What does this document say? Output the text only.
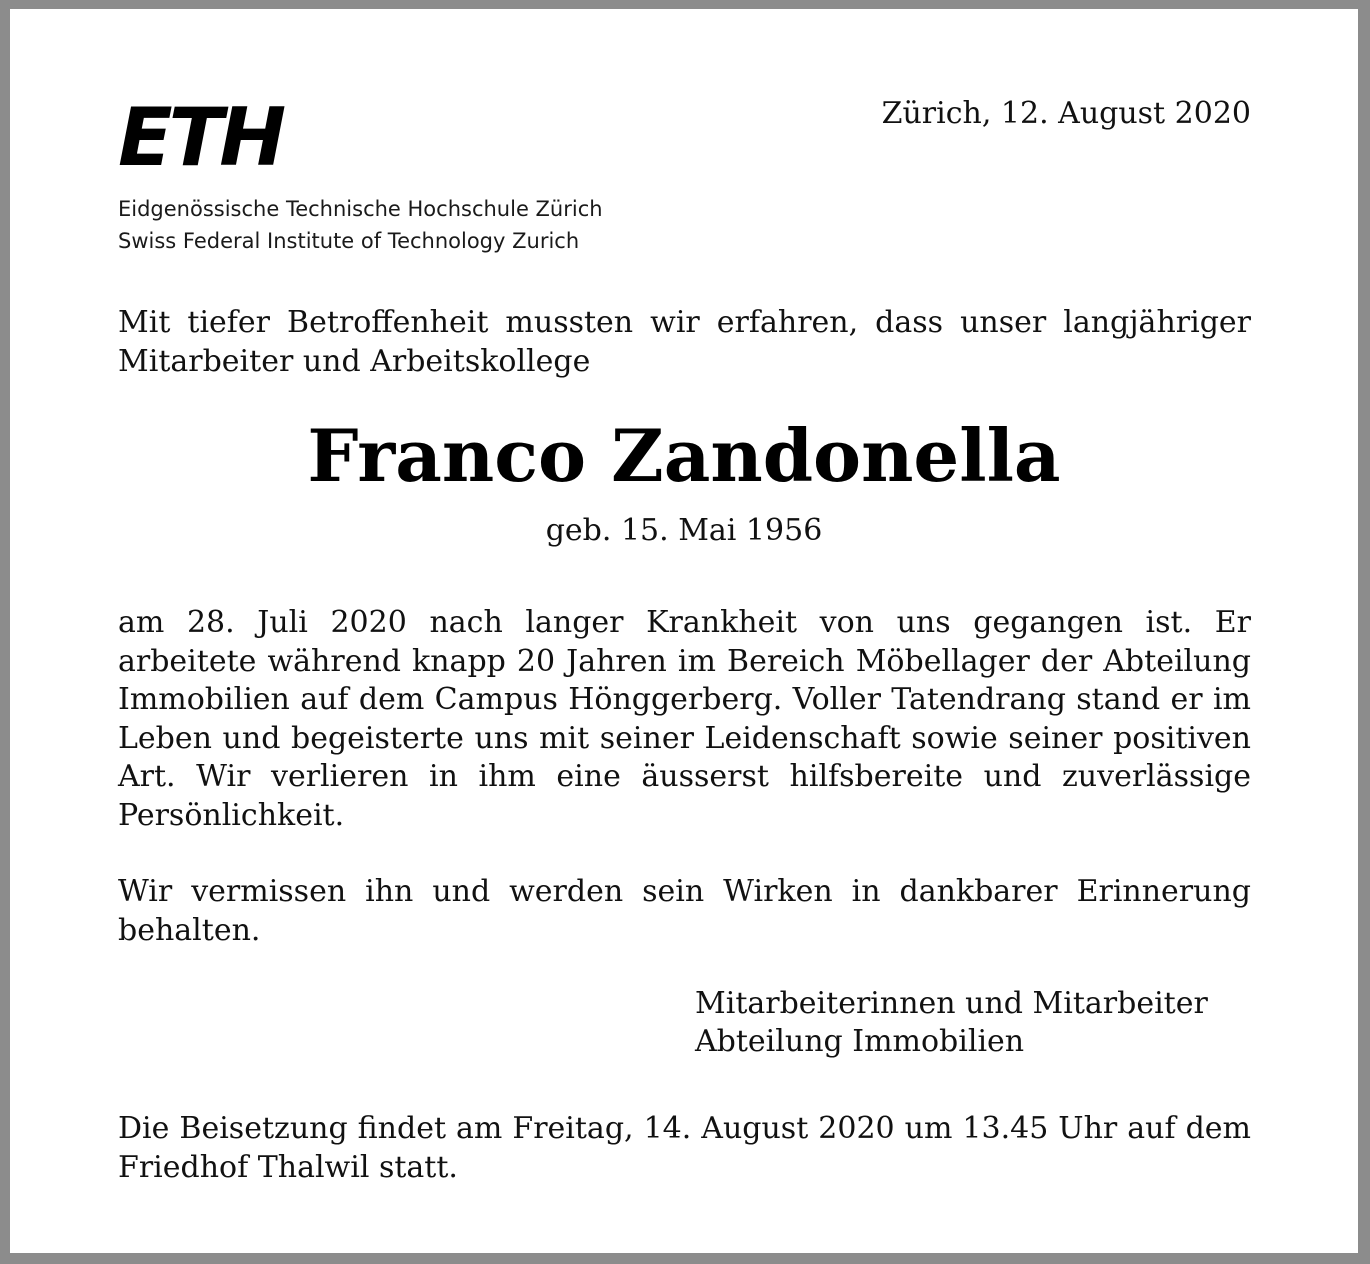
ETH
Eidgenössische Technische Hochschule Zürich
Swiss Federal Institute of Technology Zurich
Zürich, 12. August 2020

Mit tiefer Betroffenheit mussten wir erfahren, dass unser langjähriger Mitarbeiter und Arbeitskollege

Franco Zandonella
geb. 15. Mai 1956

am 28. Juli 2020 nach langer Krankheit von uns gegangen ist. Er arbeitete während knapp 20 Jahren im Bereich Möbellager der Abteilung Immobilien auf dem Campus Hönggerberg. Voller Tatendrang stand er im Leben und begeisterte uns mit seiner Leidenschaft sowie seiner positiven Art. Wir verlieren in ihm eine äusserst hilfsbereite und zuverlässige Persönlichkeit.

Wir vermissen ihn und werden sein Wirken in dankbarer Erinnerung behalten.

Mitarbeiterinnen und Mitarbeiter
Abteilung Immobilien

Die Beisetzung findet am Freitag, 14. August 2020 um 13.45 Uhr auf dem Friedhof Thalwil statt.
